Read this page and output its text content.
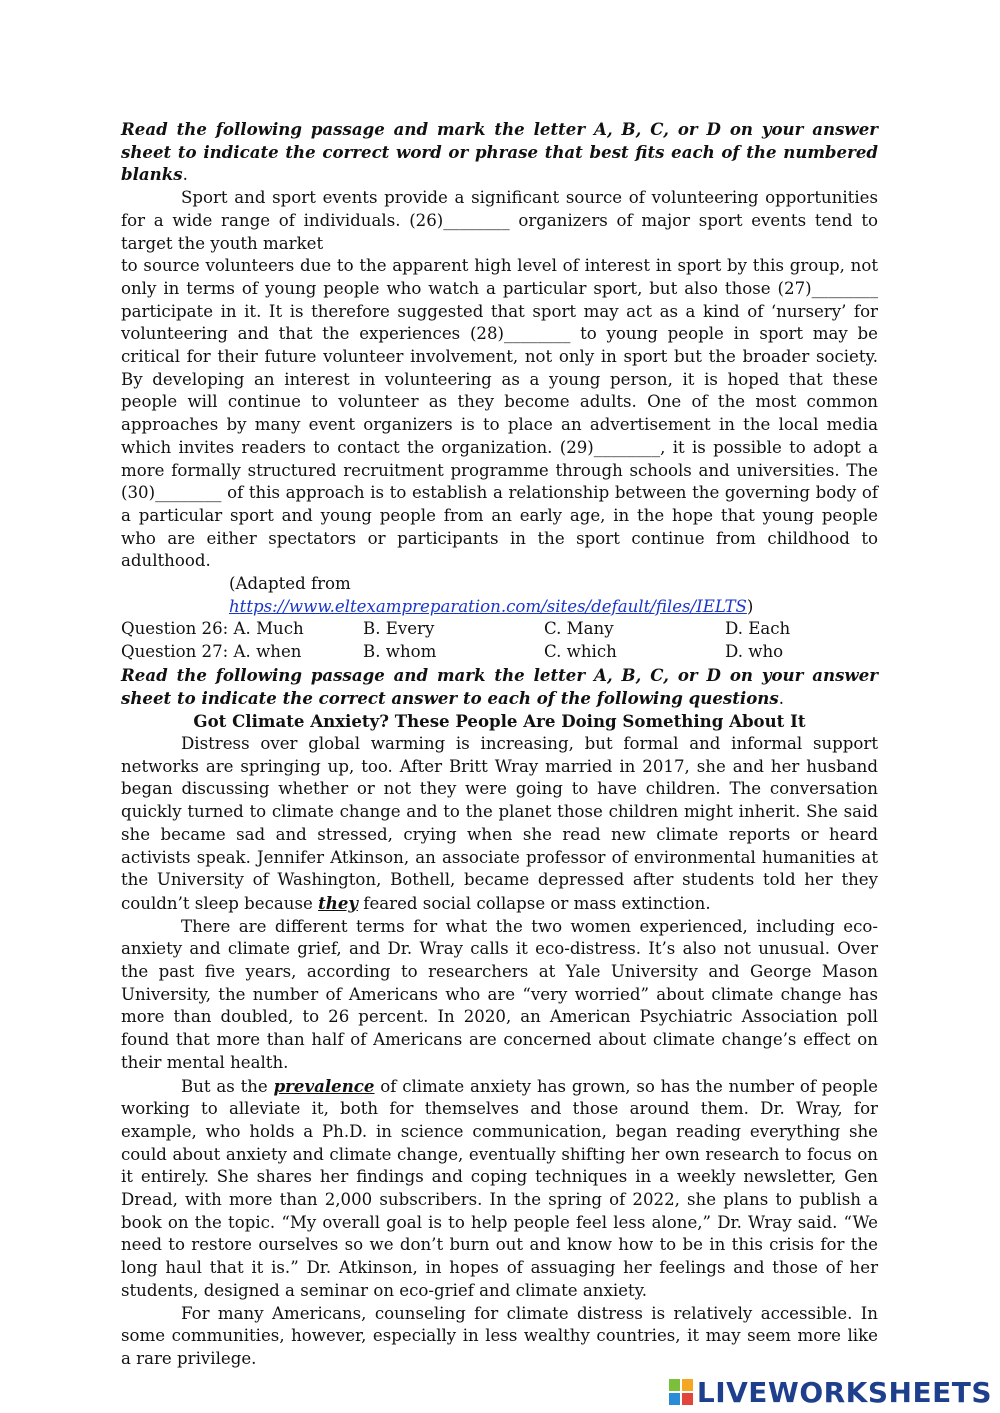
Read the following passage and mark the letter A, B, C, or D on your answer sheet to indicate the correct word or phrase that best fits each of the numbered blanks.

Sport and sport events provide a significant source of volunteering opportunities for a wide range of individuals. (26)________ organizers of major sport events tend to target the youth market

to source volunteers due to the apparent high level of interest in sport by this group, not only in terms of young people who watch a particular sport, but also those (27)________ participate in it. It is therefore suggested that sport may act as a kind of ‘nursery’ for volunteering and that the experiences (28)________ to young people in sport may be critical for their future volunteer involvement, not only in sport but the broader society. By developing an interest in volunteering as a young person, it is hoped that these people will continue to volunteer as they become adults. One of the most common approaches by many event organizers is to place an advertisement in the local media which invites readers to contact the organization. (29)________, it is possible to adopt a more formally structured recruitment programme through schools and universities. The (30)________ of this approach is to establish a relationship between the governing body of a particular sport and young people from an early age, in the hope that young people who are either spectators or participants in the sport continue from childhood to adulthood.

(Adapted from https://www.eltexampreparation.com/sites/default/files/IELTS)

Question 26: A. Much	B. Every	C. Many	D. Each
Question 27: A. when	B. whom	C. which	D. who

Read the following passage and mark the letter A, B, C, or D on your answer sheet to indicate the correct answer to each of the following questions.

Got Climate Anxiety? These People Are Doing Something About It

Distress over global warming is increasing, but formal and informal support networks are springing up, too. After Britt Wray married in 2017, she and her husband began discussing whether or not they were going to have children. The conversation quickly turned to climate change and to the planet those children might inherit. She said she became sad and stressed, crying when she read new climate reports or heard activists speak. Jennifer Atkinson, an associate professor of environmental humanities at the University of Washington, Bothell, became depressed after students told her they couldn’t sleep because they feared social collapse or mass extinction.

There are different terms for what the two women experienced, including eco-anxiety and climate grief, and Dr. Wray calls it eco-distress. It’s also not unusual. Over the past five years, according to researchers at Yale University and George Mason University, the number of Americans who are “very worried” about climate change has more than doubled, to 26 percent. In 2020, an American Psychiatric Association poll found that more than half of Americans are concerned about climate change’s effect on their mental health.

But as the prevalence of climate anxiety has grown, so has the number of people working to alleviate it, both for themselves and those around them. Dr. Wray, for example, who holds a Ph.D. in science communication, began reading everything she could about anxiety and climate change, eventually shifting her own research to focus on it entirely. She shares her findings and coping techniques in a weekly newsletter, Gen Dread, with more than 2,000 subscribers. In the spring of 2022, she plans to publish a book on the topic. “My overall goal is to help people feel less alone,” Dr. Wray said. “We need to restore ourselves so we don’t burn out and know how to be in this crisis for the long haul that it is.” Dr. Atkinson, in hopes of assuaging her feelings and those of her students, designed a seminar on eco-grief and climate anxiety.

For many Americans, counseling for climate distress is relatively accessible. In some communities, however, especially in less wealthy countries, it may seem more like a rare privilege.

LIVEWORKSHEETS
